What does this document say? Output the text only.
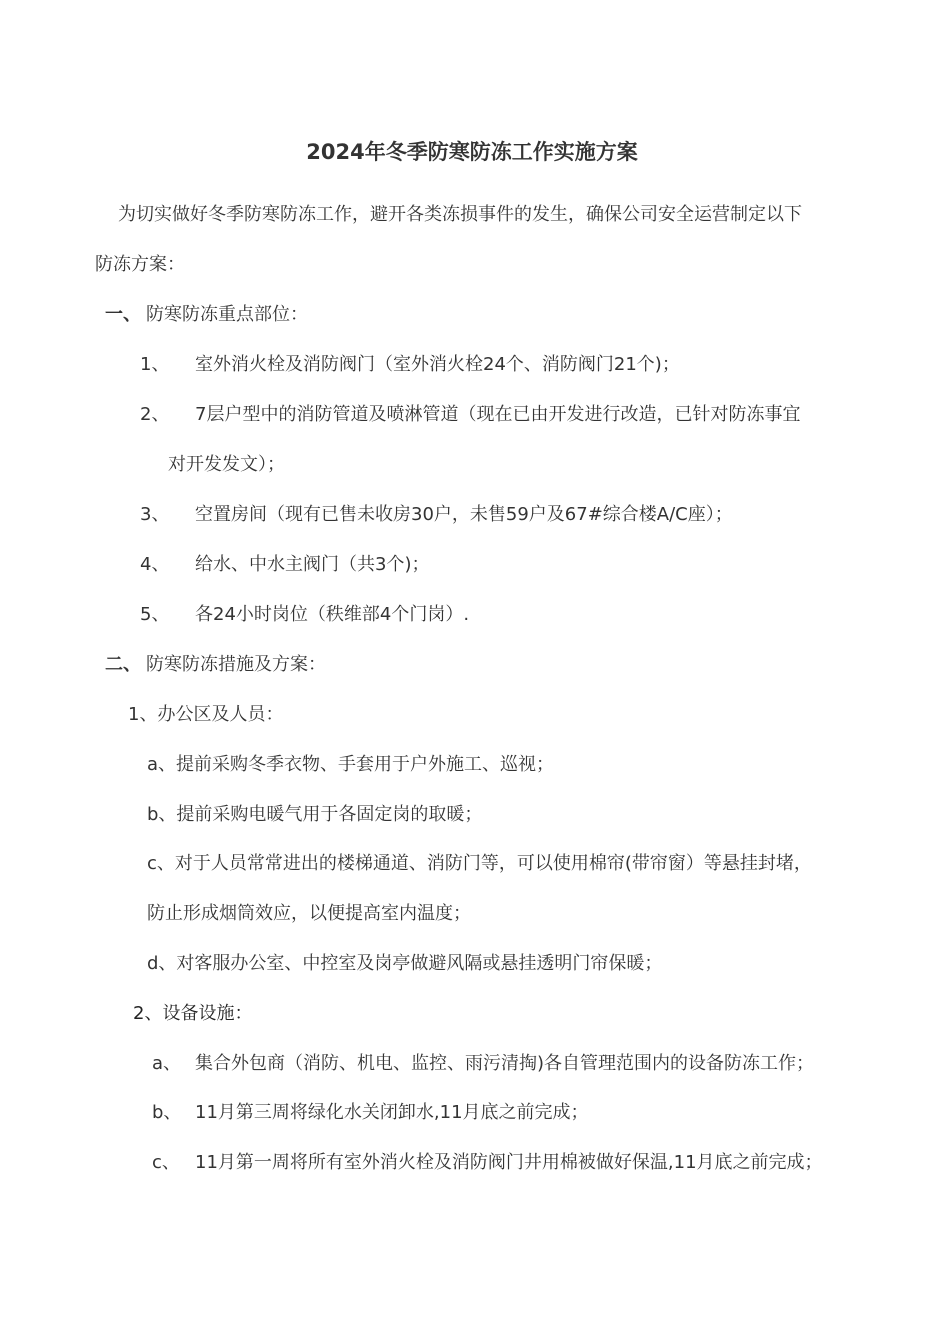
2024年冬季防寒防冻工作实施方案
为切实做好冬季防寒防冻工作，避开各类冻损事件的发生，确保公司安全运营制定以下
防冻方案：
一、 防寒防冻重点部位：
1、 室外消火栓及消防阀门（室外消火栓24个、消防阀门21个)；
2、 7层户型中的消防管道及喷淋管道（现在已由开发进行改造，已针对防冻事宜
对开发发文）；
3、 空置房间（现有已售未收房30户，未售59户及67#综合楼A/C座）；
4、 给水、中水主阀门（共3个)；
5、 各24小时岗位（秩维部4个门岗）.
二、 防寒防冻措施及方案：
1、办公区及人员：
a、提前采购冬季衣物、手套用于户外施工、巡视；
b、提前采购电暖气用于各固定岗的取暖；
c、对于人员常常进出的楼梯通道、消防门等，可以使用棉帘(带帘窗）等悬挂封堵，
防止形成烟筒效应，以便提高室内温度；
d、对客服办公室、中控室及岗亭做避风隔或悬挂透明门帘保暖；
2、设备设施：
a、 集合外包商（消防、机电、监控、雨污清掏)各自管理范围内的设备防冻工作；
b、 11月第三周将绿化水关闭卸水,11月底之前完成；
c、 11月第一周将所有室外消火栓及消防阀门井用棉被做好保温,11月底之前完成；
